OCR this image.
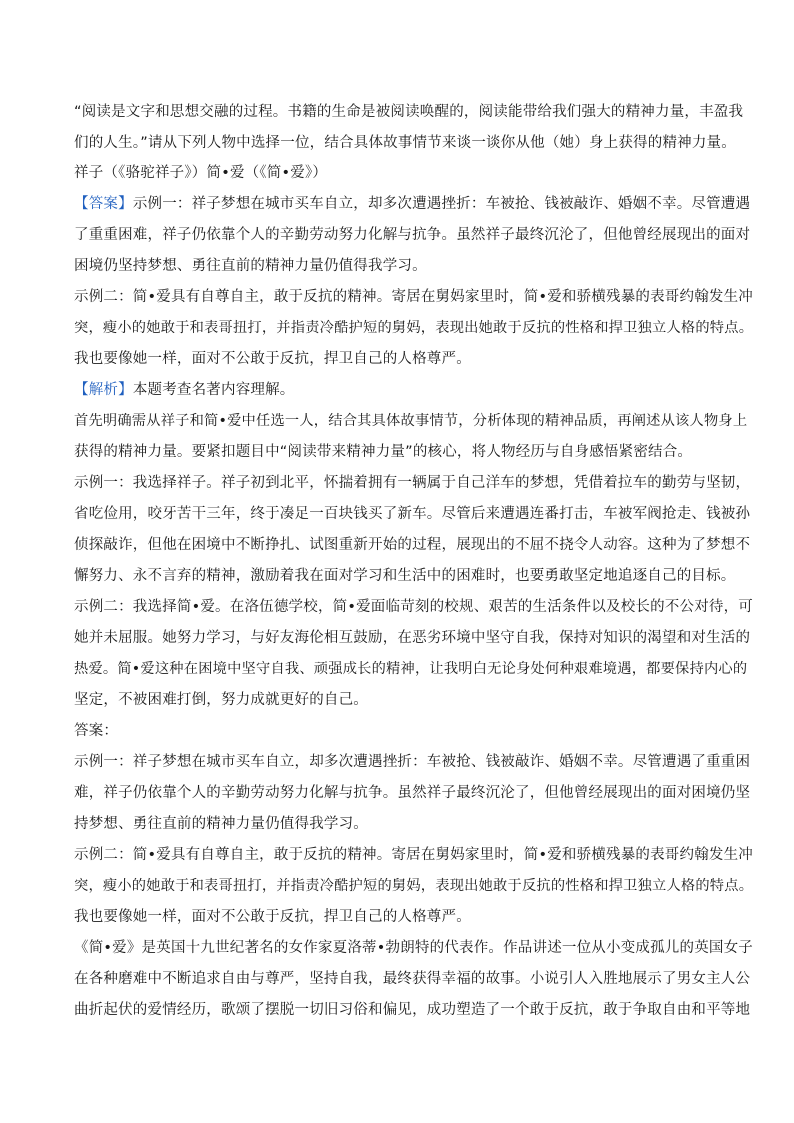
“阅读是文字和思想交融的过程。书籍的生命是被阅读唤醒的，阅读能带给我们强大的精神力量，丰盈我
们的人生。”请从下列人物中选择一位，结合具体故事情节来谈一谈你从他（她）身上获得的精神力量。
祥子（《骆驼祥子》）简•爱（《简•爱》）
【答案】示例一：祥子梦想在城市买车自立，却多次遭遇挫折：车被抢、钱被敲诈、婚姻不幸。尽管遭遇
了重重困难，祥子仍依靠个人的辛勤劳动努力化解与抗争。虽然祥子最终沉沦了，但他曾经展现出的面对
困境仍坚持梦想、勇往直前的精神力量仍值得我学习。
示例二：简•爱具有自尊自主，敢于反抗的精神。寄居在舅妈家里时，简•爱和骄横残暴的表哥约翰发生冲
突，瘦小的她敢于和表哥扭打，并指责冷酷护短的舅妈，表现出她敢于反抗的性格和捍卫独立人格的特点。
我也要像她一样，面对不公敢于反抗，捍卫自己的人格尊严。
【解析】本题考查名著内容理解。
首先明确需从祥子和简•爱中任选一人，结合其具体故事情节，分析体现的精神品质，再阐述从该人物身上
获得的精神力量。要紧扣题目中“阅读带来精神力量”的核心，将人物经历与自身感悟紧密结合。
示例一：我选择祥子。祥子初到北平，怀揣着拥有一辆属于自己洋车的梦想，凭借着拉车的勤劳与坚韧，
省吃俭用，咬牙苦干三年，终于凑足一百块钱买了新车。尽管后来遭遇连番打击，车被军阀抢走、钱被孙
侦探敲诈，但他在困境中不断挣扎、试图重新开始的过程，展现出的不屈不挠令人动容。这种为了梦想不
懈努力、永不言弃的精神，激励着我在面对学习和生活中的困难时，也要勇敢坚定地追逐自己的目标。
示例二：我选择简•爱。在洛伍德学校，简•爱面临苛刻的校规、艰苦的生活条件以及校长的不公对待，可
她并未屈服。她努力学习，与好友海伦相互鼓励，在恶劣环境中坚守自我，保持对知识的渴望和对生活的
热爱。简•爱这种在困境中坚守自我、顽强成长的精神，让我明白无论身处何种艰难境遇，都要保持内心的
坚定，不被困难打倒，努力成就更好的自己。
答案：
示例一：祥子梦想在城市买车自立，却多次遭遇挫折：车被抢、钱被敲诈、婚姻不幸。尽管遭遇了重重困
难，祥子仍依靠个人的辛勤劳动努力化解与抗争。虽然祥子最终沉沦了，但他曾经展现出的面对困境仍坚
持梦想、勇往直前的精神力量仍值得我学习。
示例二：简•爱具有自尊自主，敢于反抗的精神。寄居在舅妈家里时，简•爱和骄横残暴的表哥约翰发生冲
突，瘦小的她敢于和表哥扭打，并指责冷酷护短的舅妈，表现出她敢于反抗的性格和捍卫独立人格的特点。
我也要像她一样，面对不公敢于反抗，捍卫自己的人格尊严。
《简•爱》是英国十九世纪著名的女作家夏洛蒂•勃朗特的代表作。作品讲述一位从小变成孤儿的英国女子
在各种磨难中不断追求自由与尊严，坚持自我，最终获得幸福的故事。小说引人入胜地展示了男女主人公
曲折起伏的爱情经历，歌颂了摆脱一切旧习俗和偏见，成功塑造了一个敢于反抗，敢于争取自由和平等地
